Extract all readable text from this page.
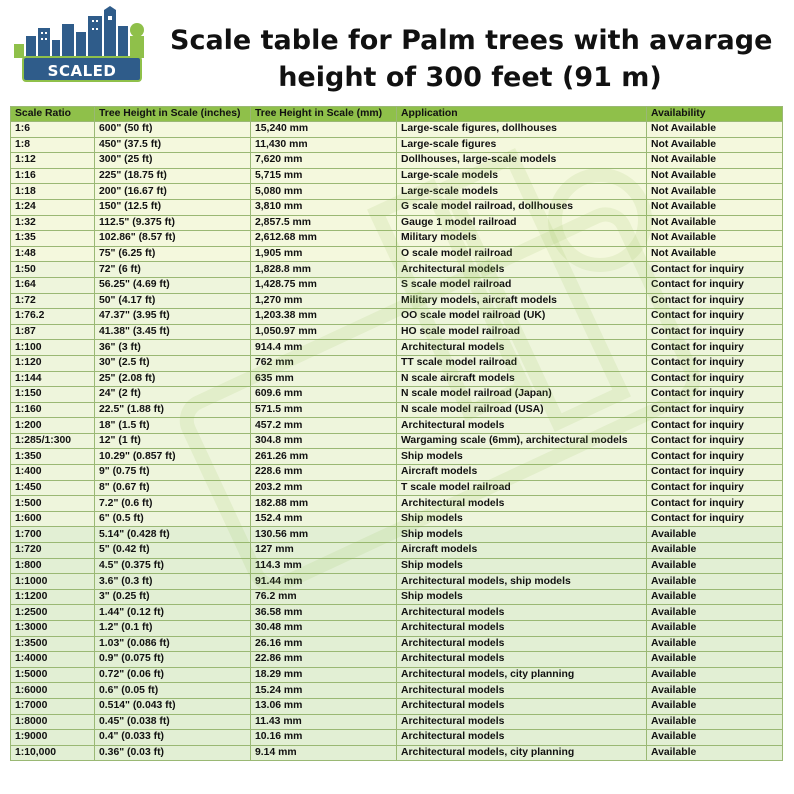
SCALED RIGHT
Scale table for Palm trees with avarage
height of 300 feet (91 m)
Scale Ratio	Tree Height in Scale (inches)	Tree Height in Scale (mm)	Application	Availability
1:6	600" (50 ft)	15,240 mm	Large-scale figures, dollhouses	Not Available
1:8	450" (37.5 ft)	11,430 mm	Large-scale figures	Not Available
1:12	300" (25 ft)	7,620 mm	Dollhouses, large-scale models	Not Available
1:16	225" (18.75 ft)	5,715 mm	Large-scale models	Not Available
1:18	200" (16.67 ft)	5,080 mm	Large-scale models	Not Available
1:24	150" (12.5 ft)	3,810 mm	G scale model railroad, dollhouses	Not Available
1:32	112.5" (9.375 ft)	2,857.5 mm	Gauge 1 model railroad	Not Available
1:35	102.86" (8.57 ft)	2,612.68 mm	Military models	Not Available
1:48	75" (6.25 ft)	1,905 mm	O scale model railroad	Not Available
1:50	72" (6 ft)	1,828.8 mm	Architectural models	Contact for inquiry
1:64	56.25" (4.69 ft)	1,428.75 mm	S scale model railroad	Contact for inquiry
1:72	50" (4.17 ft)	1,270 mm	Military models, aircraft models	Contact for inquiry
1:76.2	47.37" (3.95 ft)	1,203.38 mm	OO scale model railroad (UK)	Contact for inquiry
1:87	41.38" (3.45 ft)	1,050.97 mm	HO scale model railroad	Contact for inquiry
1:100	36" (3 ft)	914.4 mm	Architectural models	Contact for inquiry
1:120	30" (2.5 ft)	762 mm	TT scale model railroad	Contact for inquiry
1:144	25" (2.08 ft)	635 mm	N scale aircraft models	Contact for inquiry
1:150	24" (2 ft)	609.6 mm	N scale model railroad (Japan)	Contact for inquiry
1:160	22.5" (1.88 ft)	571.5 mm	N scale model railroad (USA)	Contact for inquiry
1:200	18" (1.5 ft)	457.2 mm	Architectural models	Contact for inquiry
1:285/1:300	12" (1 ft)	304.8 mm	Wargaming scale (6mm), architectural models	Contact for inquiry
1:350	10.29" (0.857 ft)	261.26 mm	Ship models	Contact for inquiry
1:400	9" (0.75 ft)	228.6 mm	Aircraft models	Contact for inquiry
1:450	8" (0.67 ft)	203.2 mm	T scale model railroad	Contact for inquiry
1:500	7.2" (0.6 ft)	182.88 mm	Architectural models	Contact for inquiry
1:600	6" (0.5 ft)	152.4 mm	Ship models	Contact for inquiry
1:700	5.14" (0.428 ft)	130.56 mm	Ship models	Available
1:720	5" (0.42 ft)	127 mm	Aircraft models	Available
1:800	4.5" (0.375 ft)	114.3 mm	Ship models	Available
1:1000	3.6" (0.3 ft)	91.44 mm	Architectural models, ship models	Available
1:1200	3" (0.25 ft)	76.2 mm	Ship models	Available
1:2500	1.44" (0.12 ft)	36.58 mm	Architectural models	Available
1:3000	1.2" (0.1 ft)	30.48 mm	Architectural models	Available
1:3500	1.03" (0.086 ft)	26.16 mm	Architectural models	Available
1:4000	0.9" (0.075 ft)	22.86 mm	Architectural models	Available
1:5000	0.72" (0.06 ft)	18.29 mm	Architectural models, city planning	Available
1:6000	0.6" (0.05 ft)	15.24 mm	Architectural models	Available
1:7000	0.514" (0.043 ft)	13.06 mm	Architectural models	Available
1:8000	0.45" (0.038 ft)	11.43 mm	Architectural models	Available
1:9000	0.4" (0.033 ft)	10.16 mm	Architectural models	Available
1:10,000	0.36" (0.03 ft)	9.14 mm	Architectural models, city planning	Available
